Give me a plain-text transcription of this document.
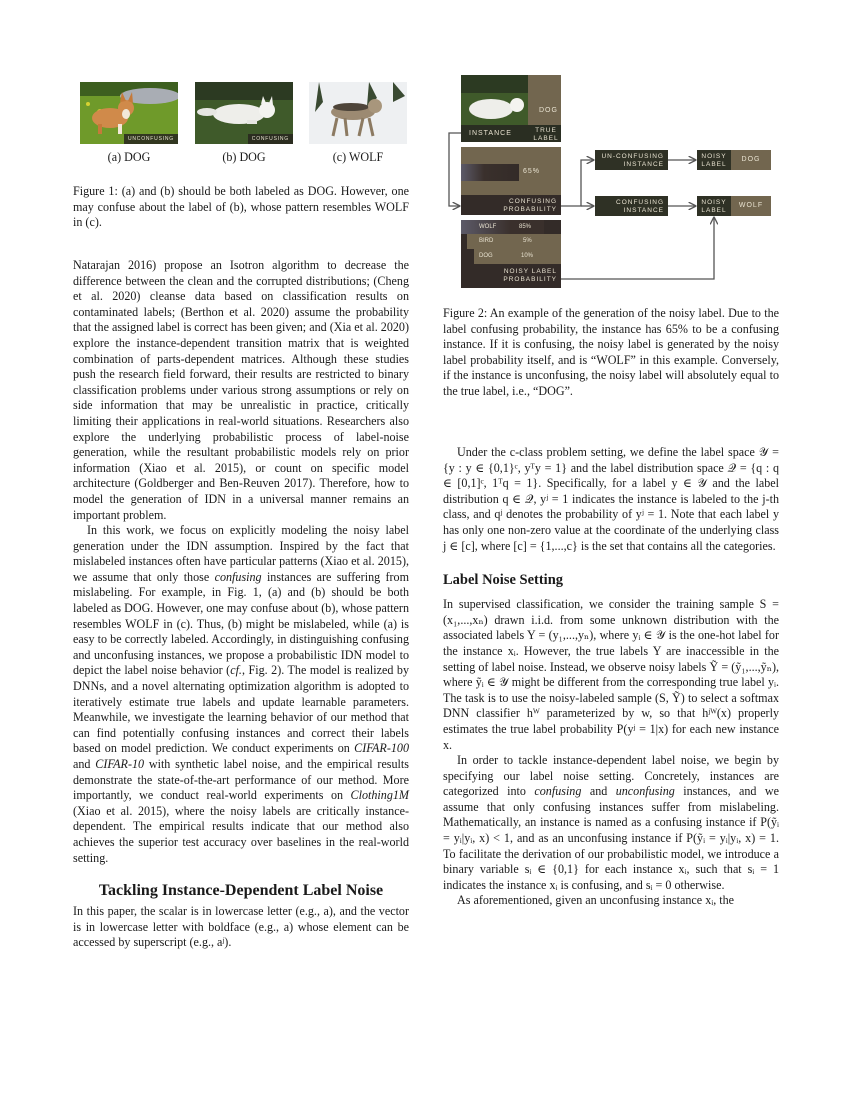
UNCONFUSING	CONFUSING
(a) DOG	(b) DOG	(c) WOLF

Figure 1: (a) and (b) should be both labeled as DOG. However, one may confuse about the label of (b), whose pattern resembles WOLF in (c).

Natarajan 2016) propose an Isotron algorithm to decrease the difference between the clean and the corrupted distributions; (Cheng et al. 2020) cleanse data based on classification results on contaminated labels; (Berthon et al. 2020) assume the probability that the assigned label is correct has been given; and (Xia et al. 2020) explore the instance-dependent transition matrix that is weighted combination of parts-dependent matrices. Although these studies push the research field forward, their results are restricted to binary classification problems under various strong assumptions or rely on side information that may be unrealistic in practice, critically limiting their applications in real-world situations. Researchers also explore the underlying probabilistic process of label-noise generation, while the resultant probabilistic models rely on prior information (Xiao et al. 2015), or count on specific model architecture (Goldberger and Ben-Reuven 2017). Therefore, how to model the generation of IDN in a universal manner remains an important problem.

In this work, we focus on explicitly modeling the noisy label generation under the IDN assumption. Inspired by the fact that mislabeled instances often have particular patterns (Xiao et al. 2015), we assume that only those confusing instances are suffering from mislabeling. For example, in Fig. 1, (a) and (b) should be both labeled as DOG. However, one may confuse about (b), whose pattern resembles WOLF in (c). Thus, (b) might be mislabeled, while (a) is easy to be correctly labeled. Accordingly, in distinguishing confusing and unconfusing instances, we propose a probabilistic IDN model to depict the label noise behavior (cf., Fig. 2). The model is realized by DNNs, and a novel alternating optimization algorithm is adopted to iteratively estimate true labels and update learnable parameters. Meanwhile, we investigate the learning behavior of our method that can find potentially confusing instances and correct their labels based on model prediction. We conduct experiments on CIFAR-100 and CIFAR-10 with synthetic label noise, and the empirical results demonstrate the state-of-the-art performance of our method. More importantly, we conduct real-world experiments on Clothing1M (Xiao et al. 2015), where the noisy labels are critically instance-dependent. The empirical results indicate that our method also achieves the superior test accuracy over baselines in the real-world setting.

Tackling Instance-Dependent Label Noise

In this paper, the scalar is in lowercase letter (e.g., a), and the vector is in lowercase letter with boldface (e.g., a) whose element can be accessed by superscript (e.g., aʲ).

DOG
INSTANCE	TRUE LABEL
65%
CONFUSING PROBABILITY
WOLF	85%
BIRD	5%
DOG	10%
NOISY LABEL PROBABILITY
UN-CONFUSING INSTANCE
CONFUSING INSTANCE
NOISY LABEL
DOG
NOISY LABEL
WOLF

Figure 2: An example of the generation of the noisy label. Due to the label confusing probability, the instance has 65% to be a confusing instance. If it is confusing, the noisy label is generated by the noisy label probability itself, and is “WOLF” in this example. Conversely, if the instance is unconfusing, the noisy label will absolutely equal to the true label, i.e., “DOG”.

Under the c-class problem setting, we define the label space 𝒴 = {y : y ∈ {0,1}ᶜ, yᵀy = 1} and the label distribution space 𝒬 = {q : q ∈ [0,1]ᶜ, 1ᵀq = 1}. Specifically, for a label y ∈ 𝒴 and the label distribution q ∈ 𝒬, yʲ = 1 indicates the instance is labeled to the j-th class, and qʲ denotes the probability of yʲ = 1. Note that each label y has only one non-zero value at the coordinate of the underlying class j ∈ [c], where [c] = {1,...,c} is the set that contains all the categories.

Label Noise Setting

In supervised classification, we consider the training sample S = (x₁,...,xₙ) drawn i.i.d. from some unknown distribution with the associated labels Y = (y₁,...,yₙ), where yᵢ ∈ 𝒴 is the one-hot label for the instance xᵢ. However, the true labels Y are inaccessible in the setting of label noise. Instead, we observe noisy labels Ỹ = (ỹ₁,...,ỹₙ), where ỹᵢ ∈ 𝒴 might be different from the corresponding true label yᵢ. The task is to use the noisy-labeled sample (S, Ỹ) to select a softmax DNN classifier hᵂ parameterized by w, so that hʲᵂ(x) properly estimates the true label probability P(yʲ = 1|x) for each new instance x.

In order to tackle instance-dependent label noise, we begin by specifying our label noise setting. Concretely, instances are categorized into confusing and unconfusing instances, and we assume that only confusing instances suffer from mislabeling. Mathematically, an instance is named as a confusing instance if P(ỹᵢ = yᵢ|yᵢ, x) < 1, and as an unconfusing instance if P(ỹᵢ = yᵢ|yᵢ, x) = 1. To facilitate the derivation of our probabilistic model, we introduce a binary variable sᵢ ∈ {0,1} for each instance xᵢ, such that sᵢ = 1 indicates the instance xᵢ is confusing, and sᵢ = 0 otherwise.

As aforementioned, given an unconfusing instance xᵢ, the
